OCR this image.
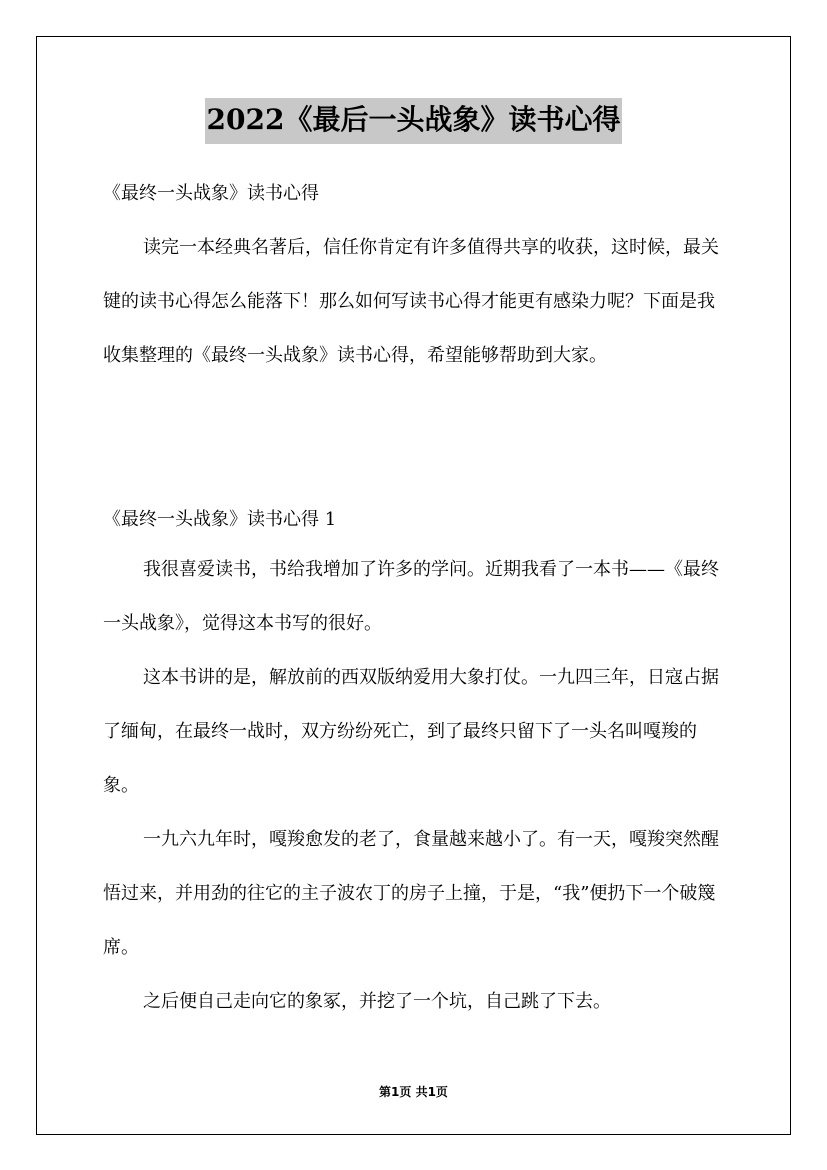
2022《最后一头战象》读书心得

《最终一头战象》读书心得

读完一本经典名著后，信任你肯定有许多值得共享的收获，这时候，最关键的读书心得怎么能落下！那么如何写读书心得才能更有感染力呢？下面是我收集整理的《最终一头战象》读书心得，希望能够帮助到大家。

《最终一头战象》读书心得 1

我很喜爱读书，书给我增加了许多的学问。近期我看了一本书——《最终一头战象》，觉得这本书写的很好。

这本书讲的是，解放前的西双版纳爱用大象打仗。一九四三年，日寇占据了缅甸，在最终一战时，双方纷纷死亡，到了最终只留下了一头名叫嘎羧的象。

一九六九年时，嘎羧愈发的老了，食量越来越小了。有一天，嘎羧突然醒悟过来，并用劲的往它的主子波农丁的房子上撞，于是，“我”便扔下一个破篾席。

之后便自己走向它的象冢，并挖了一个坑，自己跳了下去。

第1页 共1页
